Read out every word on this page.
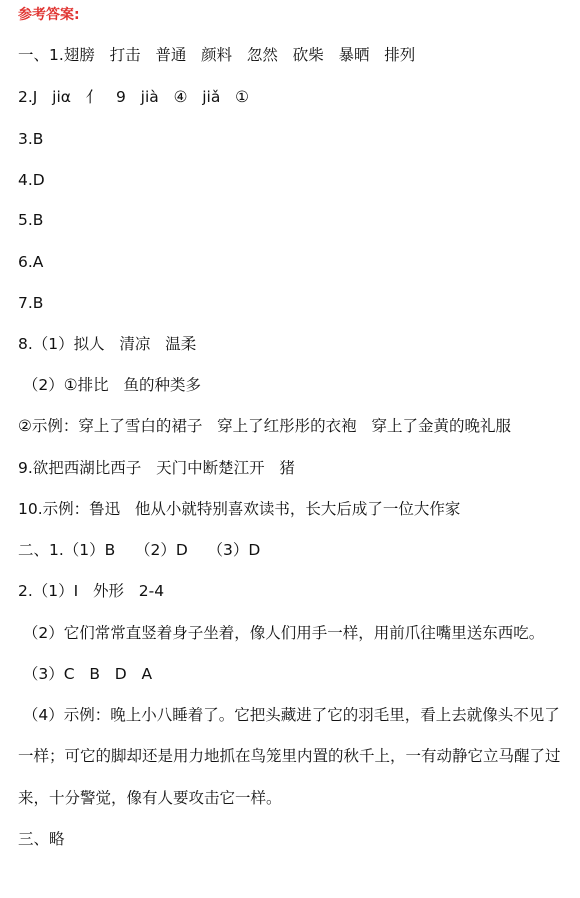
参考答案:
一、1.翅膀   打击   普通   颜料   忽然   砍柴   暴晒   排列
2.J   jiα   亻   9   jià   ④   jiǎ   ①
3.B
4.D
5.B
6.A
7.B
8.（1）拟人   清凉   温柔
（2）①排比   鱼的种类多
②示例：穿上了雪白的裙子   穿上了红彤彤的衣袍   穿上了金黄的晚礼服
9.欲把西湖比西子   天门中断楚江开   猪
10.示例：鲁迅   他从小就特别喜欢读书，长大后成了一位大作家
二、1.（1）B    （2）D    （3）D
2.（1）I   外形   2-4
（2）它们常常直竖着身子坐着，像人们用手一样，用前爪往嘴里送东西吃。
（3）C   B   D   A
（4）示例：晚上小八睡着了。它把头藏进了它的羽毛里，看上去就像头不见了
一样；可它的脚却还是用力地抓在鸟笼里内置的秋千上，一有动静它立马醒了过
来，十分警觉，像有人要攻击它一样。
三、略
